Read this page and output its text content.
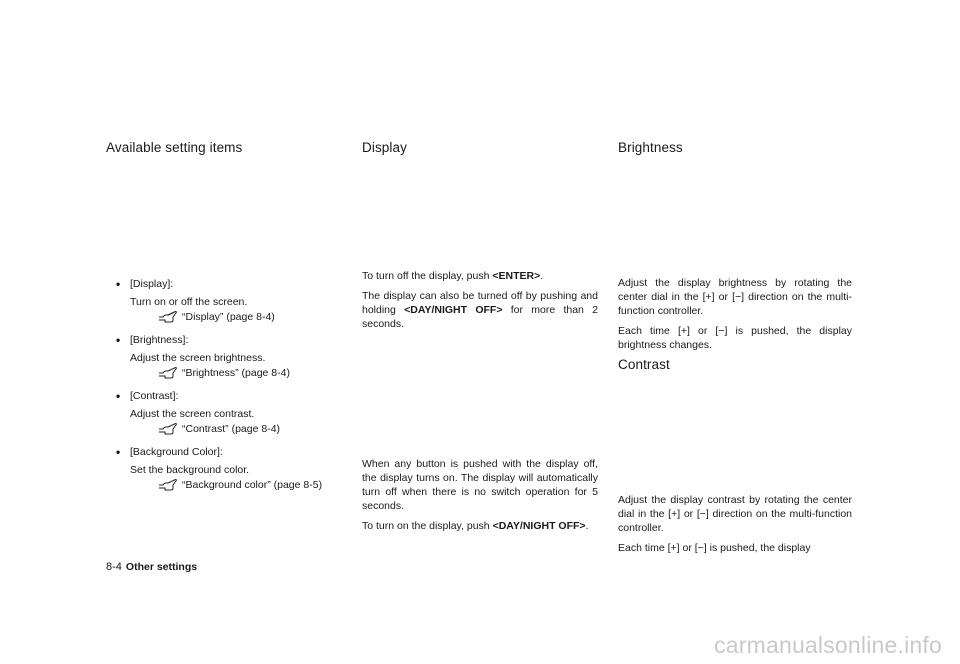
Available setting items	Display	Brightness
• [Display]:
Turn on or off the screen.
“Display” (page 8-4)
• [Brightness]:
Adjust the screen brightness.
“Brightness” (page 8-4)
• [Contrast]:
Adjust the screen contrast.
“Contrast” (page 8-4)
• [Background Color]:
Set the background color.
“Background color” (page 8-5)

To turn off the display, push <ENTER>.

The display can also be turned off by pushing and holding <DAY/NIGHT OFF> for more than 2 seconds.

When any button is pushed with the display off, the display turns on. The display will automatically turn off when there is no switch operation for 5 seconds.

To turn on the display, push <DAY/NIGHT OFF>.

Adjust the display brightness by rotating the center dial in the [+] or [−] direction on the multi-function controller.

Each time [+] or [−] is pushed, the display brightness changes.

Contrast

Adjust the display contrast by rotating the center dial in the [+] or [−] direction on the multi-function controller.

Each time [+] or [−] is pushed, the display

8-4 Other settings
carmanualsonline.info
